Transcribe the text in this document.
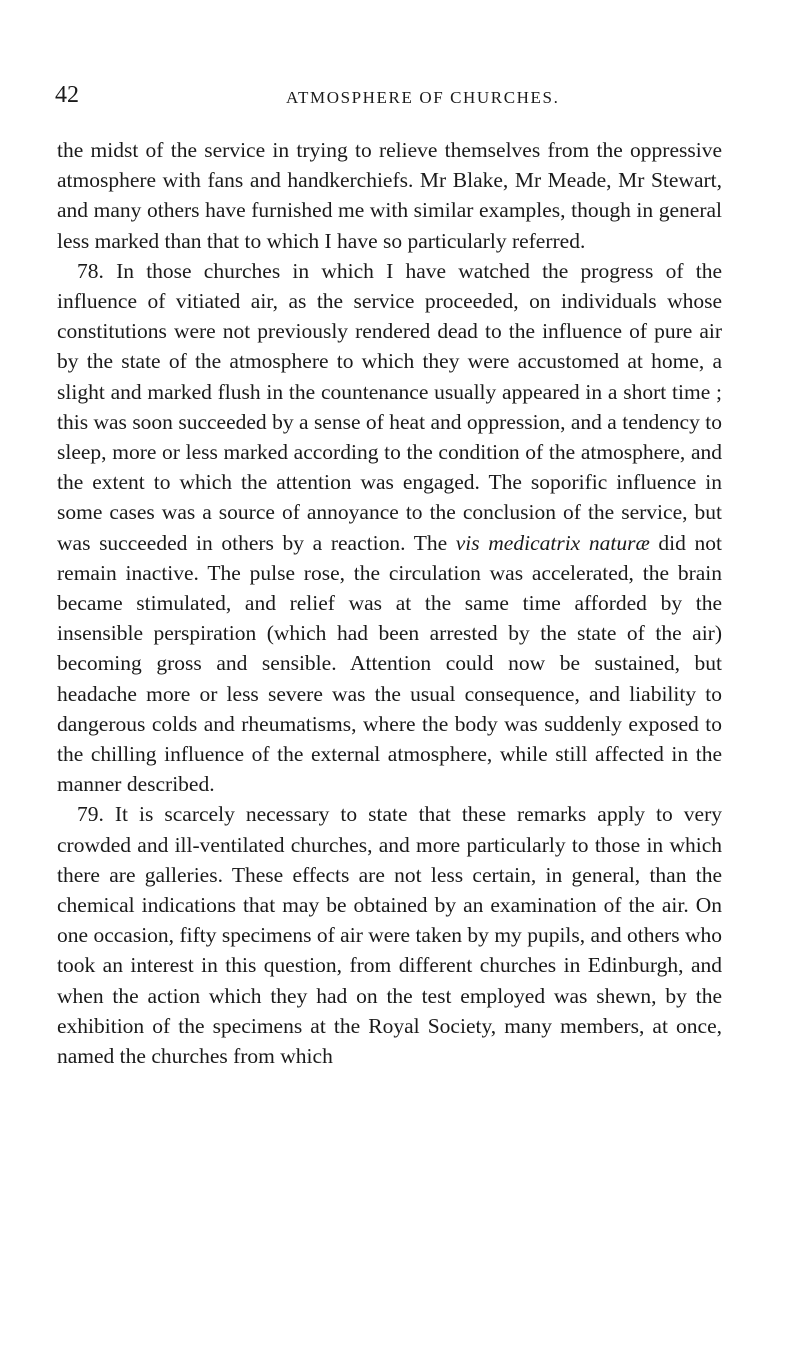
42	ATMOSPHERE OF CHURCHES.

the midst of the service in trying to relieve themselves from the oppressive atmosphere with fans and handkerchiefs. Mr Blake, Mr Meade, Mr Stewart, and many others have furnished me with similar examples, though in general less marked than that to which I have so particularly referred.

78. In those churches in which I have watched the progress of the influence of vitiated air, as the service proceeded, on individuals whose constitutions were not previously rendered dead to the influence of pure air by the state of the atmosphere to which they were accustomed at home, a slight and marked flush in the countenance usually appeared in a short time ; this was soon succeeded by a sense of heat and oppression, and a tendency to sleep, more or less marked according to the condition of the atmosphere, and the extent to which the attention was engaged. The soporific influence in some cases was a source of annoyance to the conclusion of the service, but was succeeded in others by a reaction. The vis medicatrix naturæ did not remain inactive. The pulse rose, the circulation was accelerated, the brain became stimulated, and relief was at the same time afforded by the insensible perspiration (which had been arrested by the state of the air) becoming gross and sensible. Attention could now be sustained, but headache more or less severe was the usual consequence, and liability to dangerous colds and rheumatisms, where the body was suddenly exposed to the chilling influence of the external atmosphere, while still affected in the manner described.

79. It is scarcely necessary to state that these remarks apply to very crowded and ill-ventilated churches, and more particularly to those in which there are galleries. These effects are not less certain, in general, than the chemical indications that may be obtained by an examination of the air. On one occasion, fifty specimens of air were taken by my pupils, and others who took an interest in this question, from different churches in Edinburgh, and when the action which they had on the test employed was shewn, by the exhibition of the specimens at the Royal Society, many members, at once, named the churches from which
